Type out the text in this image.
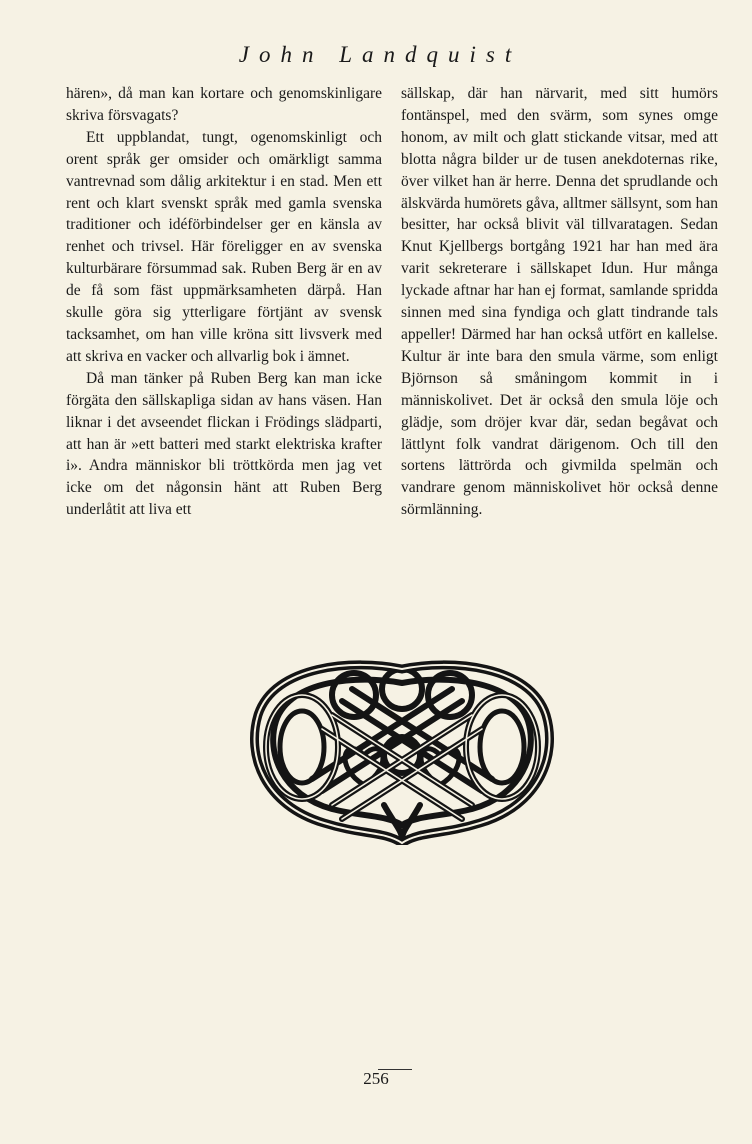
John Landquist

hären», då man kan kortare och genomskinligare skriva försvagats?

Ett uppblandat, tungt, ogenomskinligt och orent språk ger omsider och omärkligt samma vantrevnad som dålig arkitektur i en stad. Men ett rent och klart svenskt språk med gamla svenska traditioner och idéförbindelser ger en känsla av renhet och trivsel. Här föreligger en av svenska kulturbärare försummad sak. Ruben Berg är en av de få som fäst uppmärksamheten därpå. Han skulle göra sig ytterligare förtjänt av svensk tacksamhet, om han ville kröna sitt livsverk med att skriva en vacker och allvarlig bok i ämnet.

Då man tänker på Ruben Berg kan man icke förgäta den sällskapliga sidan av hans väsen. Han liknar i det avseendet flickan i Frödings slädparti, att han är »ett batteri med starkt elektriska krafter i». Andra människor bli tröttkörda men jag vet icke om det någonsin hänt att Ruben Berg underlåtit att liva ett

sällskap, där han närvarit, med sitt humörs fontänspel, med den svärm, som synes omge honom, av milt och glatt stickande vitsar, med att blotta några bilder ur de tusen anekdoternas rike, över vilket han är herre. Denna det sprudlande och älskvärda humörets gåva, alltmer sällsynt, som han besitter, har också blivit väl tillvaratagen. Sedan Knut Kjellbergs bortgång 1921 har han med ära varit sekreterare i sällskapet Idun. Hur många lyckade aftnar har han ej format, samlande spridda sinnen med sina fyndiga och glatt tindrande tals appeller! Därmed har han också utfört en kallelse. Kultur är inte bara den smula värme, som enligt Björnson så småningom kommit in i människolivet. Det är också den smula löje och glädje, som dröjer kvar där, sedan begåvat och lättlynt folk vandrat därigenom. Och till den sortens lättrörda och givmilda spelmän och vandrare genom människolivet hör också denne sörmlänning.

256
